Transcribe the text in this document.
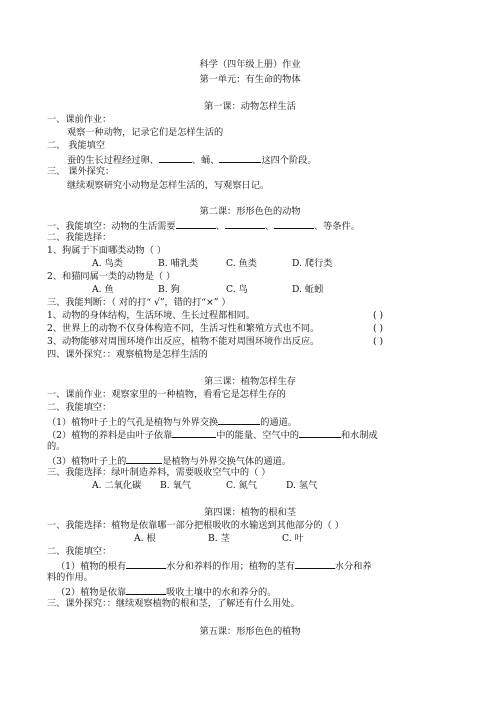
科学（四年级上册）作业
第一单元：有生命的物体
第一课：动物怎样生活
一、课前作业：
观察一种动物，记录它们是怎样生活的
二、 我能填空
蚕的生长过程经过卵、	、蛹、	这四个阶段。
三、 课外探究：
继续观察研究小动物是怎样生活的，写观察日记。
第二课：形形色色的动物
一、我能填空：动物的生活需要	、	、	、等条件。
二、我能选择：
1、狗属于下面哪类动物（ ）
A. 鸟类	B. 哺乳类	C. 鱼类	D. 爬行类
2、和猫同属一类的动物是（ ）
A. 鱼	B. 狗	C. 鸟	D. 蚯蚓
三、我能判断：（ 对的打“ √”，错的打“×” ）
1、动物的身体结构，生活环境、生长过程都相同。	( )
2、世界上的动物不仅身体构造不同，生活习性和繁殖方式也不同。	( )
3、动物能够对周围环境作出反应，植物不能对周围环境作出反应。	( )
四、课外探究：：观察植物是怎样生活的
第三课：植物怎样生存
一、课前作业：观察家里的一种植物，看看它是怎样生存的
二、我能填空：
（1）植物叶子上的气孔是植物与外界交换	的通道。
（2）植物的养料是由叶子依靠	中的能量、空气中的	和水制成
的。
（3）植物叶子上的	是植物与外界交换气体的通道。
三、我能选择：绿叶制造养料，需要吸收空气中的（ ）
A. 二氧化碳 B. 氧气	C. 氮气	D. 氢气
第四课：植物的根和茎
一、我能选择：植物是依靠哪一部分把根吸收的水输送到其他部分的（ ）
A. 根	B. 茎	C. 叶
二、我能填空：
（1）植物的根有	水分和养料的作用；植物的茎有	水分和养
料的作用。
（2）植物是依靠	吸收土壤中的水和养分的。
三、课外探究：：继续观察植物的根和茎，了解还有什么用处。
第五课：形形色色的植物
